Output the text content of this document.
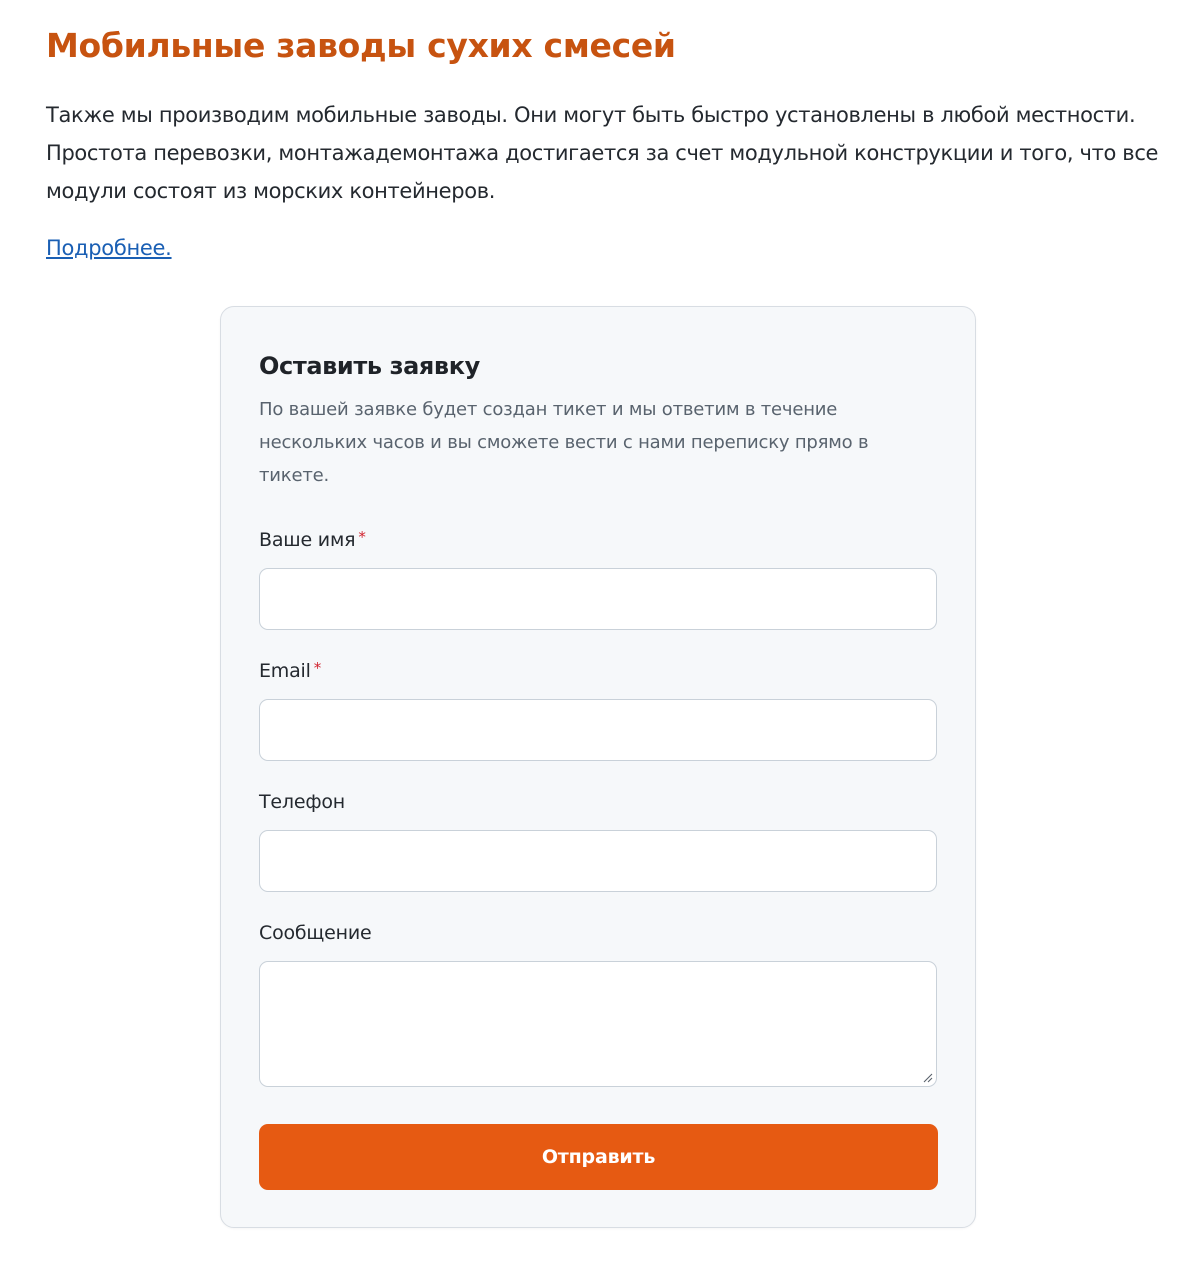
Мобильные заводы сухих смесей

Также мы производим мобильные заводы. Они могут быть быстро установлены в любой местности. Простота перевозки, монтажадемонтажа достигается за счет модульной конструкции и того, что все модули состоят из морских контейнеров.

Подробнее.
Оставить заявку

По вашей заявке будет создан тикет и мы ответим в течение нескольких часов и вы сможете вести с нами переписку прямо в тикете.

Ваше имя *
Email *
Телефон
Сообщение
Отправить
